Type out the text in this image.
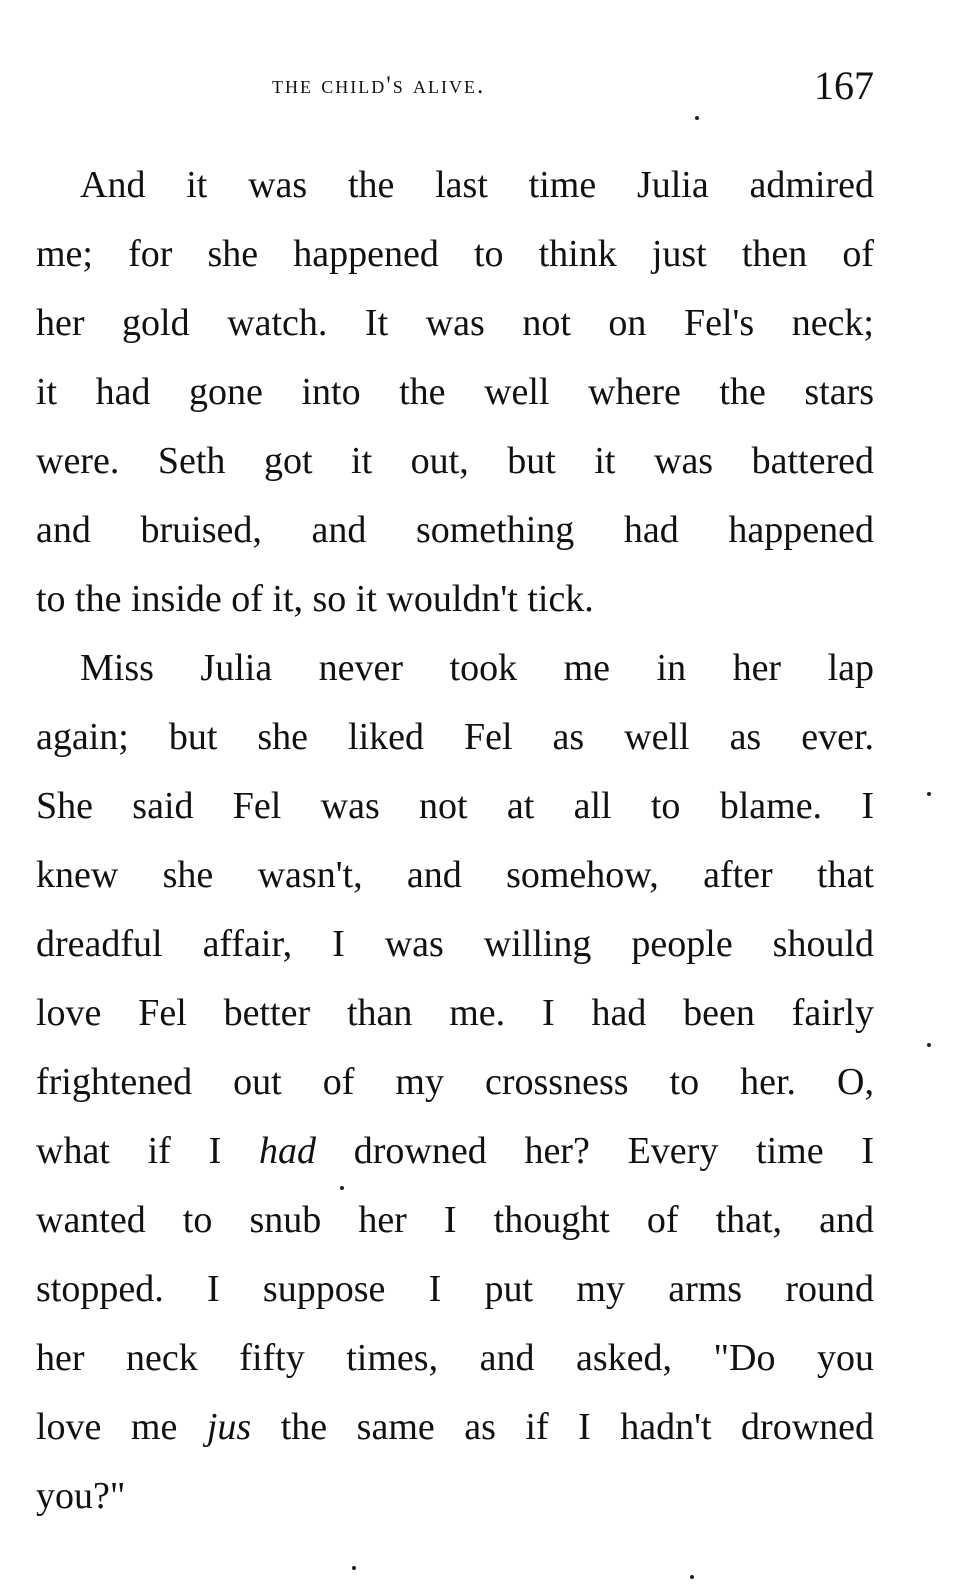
the child's alive.	167
And it was the last time Julia admired
me; for she happened to think just then of
her gold watch. It was not on Fel's neck;
it had gone into the well where the stars
were. Seth got it out, but it was battered
and bruised, and something had happened
to the inside of it, so it wouldn't tick.
Miss Julia never took me in her lap
again; but she liked Fel as well as ever.
She said Fel was not at all to blame. I
knew she wasn't, and somehow, after that
dreadful affair, I was willing people should
love Fel better than me. I had been fairly
frightened out of my crossness to her. O,
what if I had drowned her? Every time I
wanted to snub her I thought of that, and
stopped. I suppose I put my arms round
her neck fifty times, and asked, "Do you
love me jus the same as if I hadn't drowned
you?"
